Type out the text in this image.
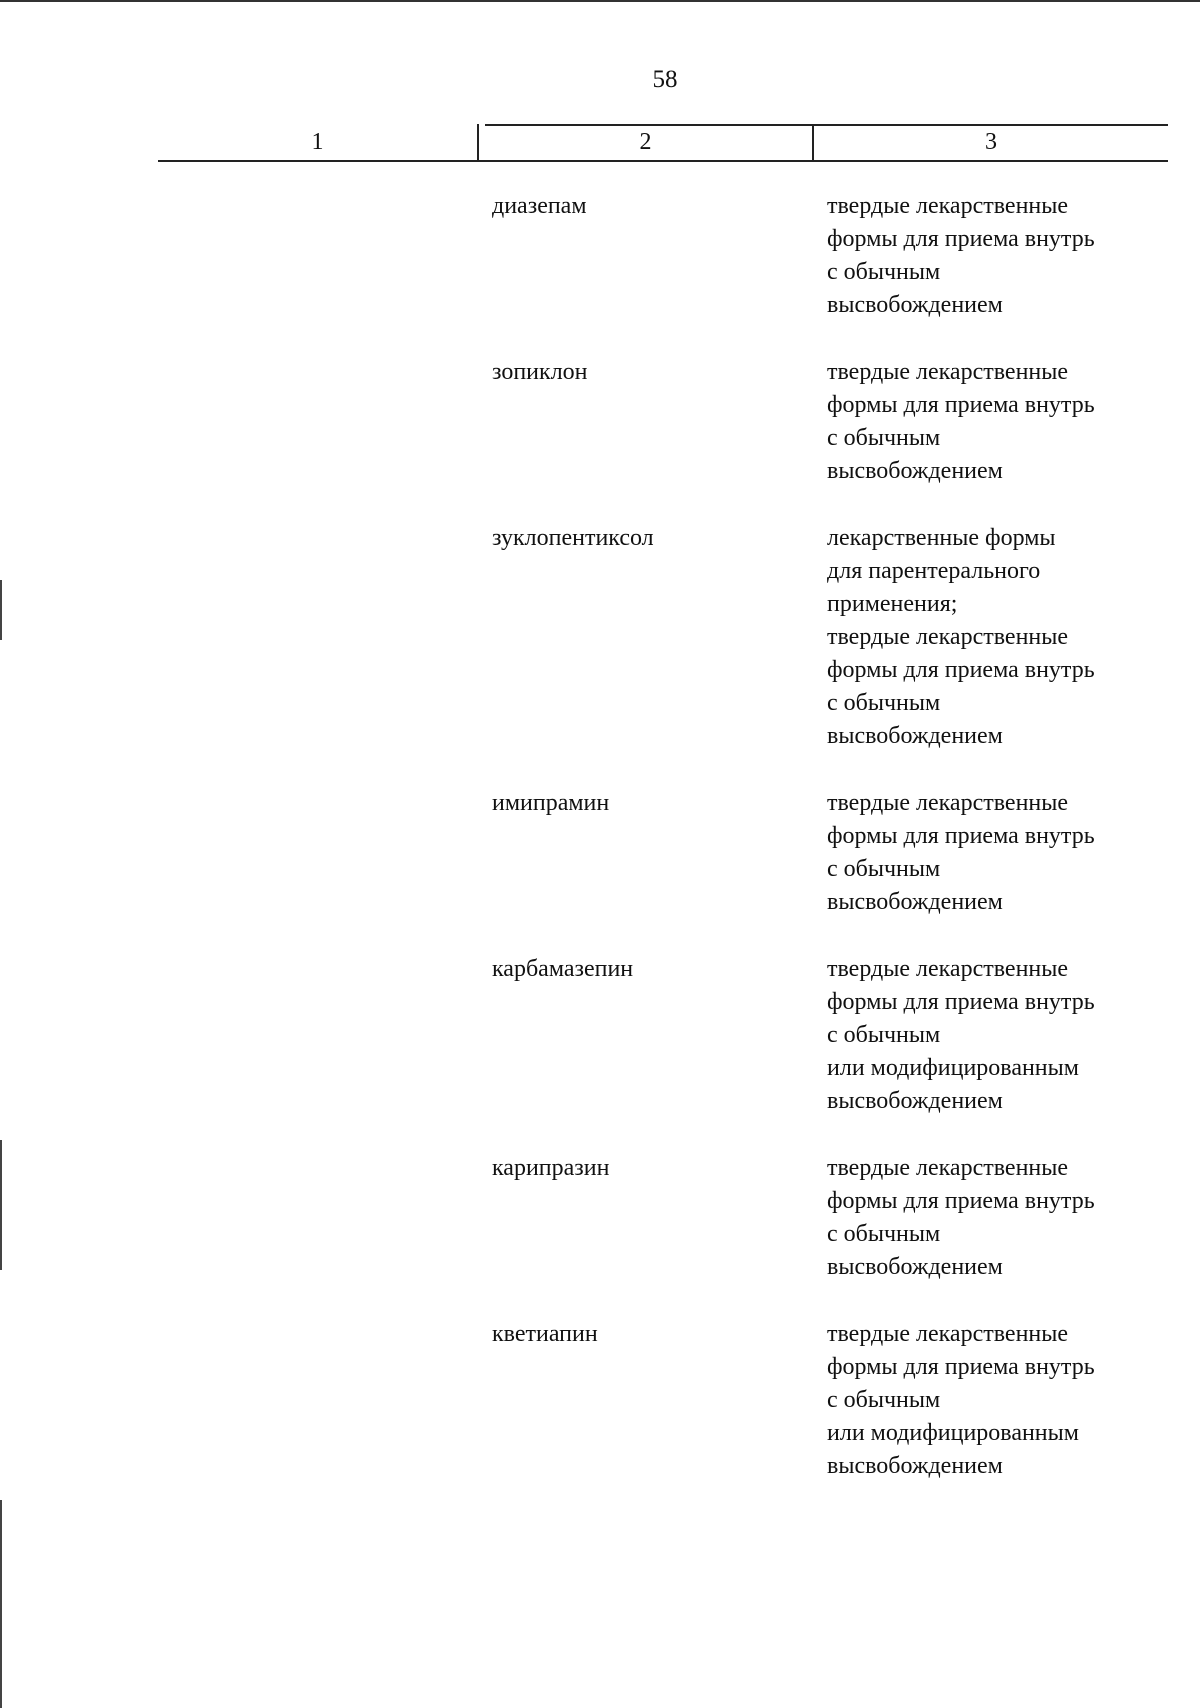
58
1	2	3
диазепам	твердые лекарственные
формы для приема внутрь
с обычным
высвобождением
зопиклон	твердые лекарственные
формы для приема внутрь
с обычным
высвобождением
зуклопентиксол	лекарственные формы
для парентерального
применения;
твердые лекарственные
формы для приема внутрь
с обычным
высвобождением
имипрамин	твердые лекарственные
формы для приема внутрь
с обычным
высвобождением
карбамазепин	твердые лекарственные
формы для приема внутрь
с обычным
или модифицированным
высвобождением
карипразин	твердые лекарственные
формы для приема внутрь
с обычным
высвобождением
кветиапин	твердые лекарственные
формы для приема внутрь
с обычным
или модифицированным
высвобождением
